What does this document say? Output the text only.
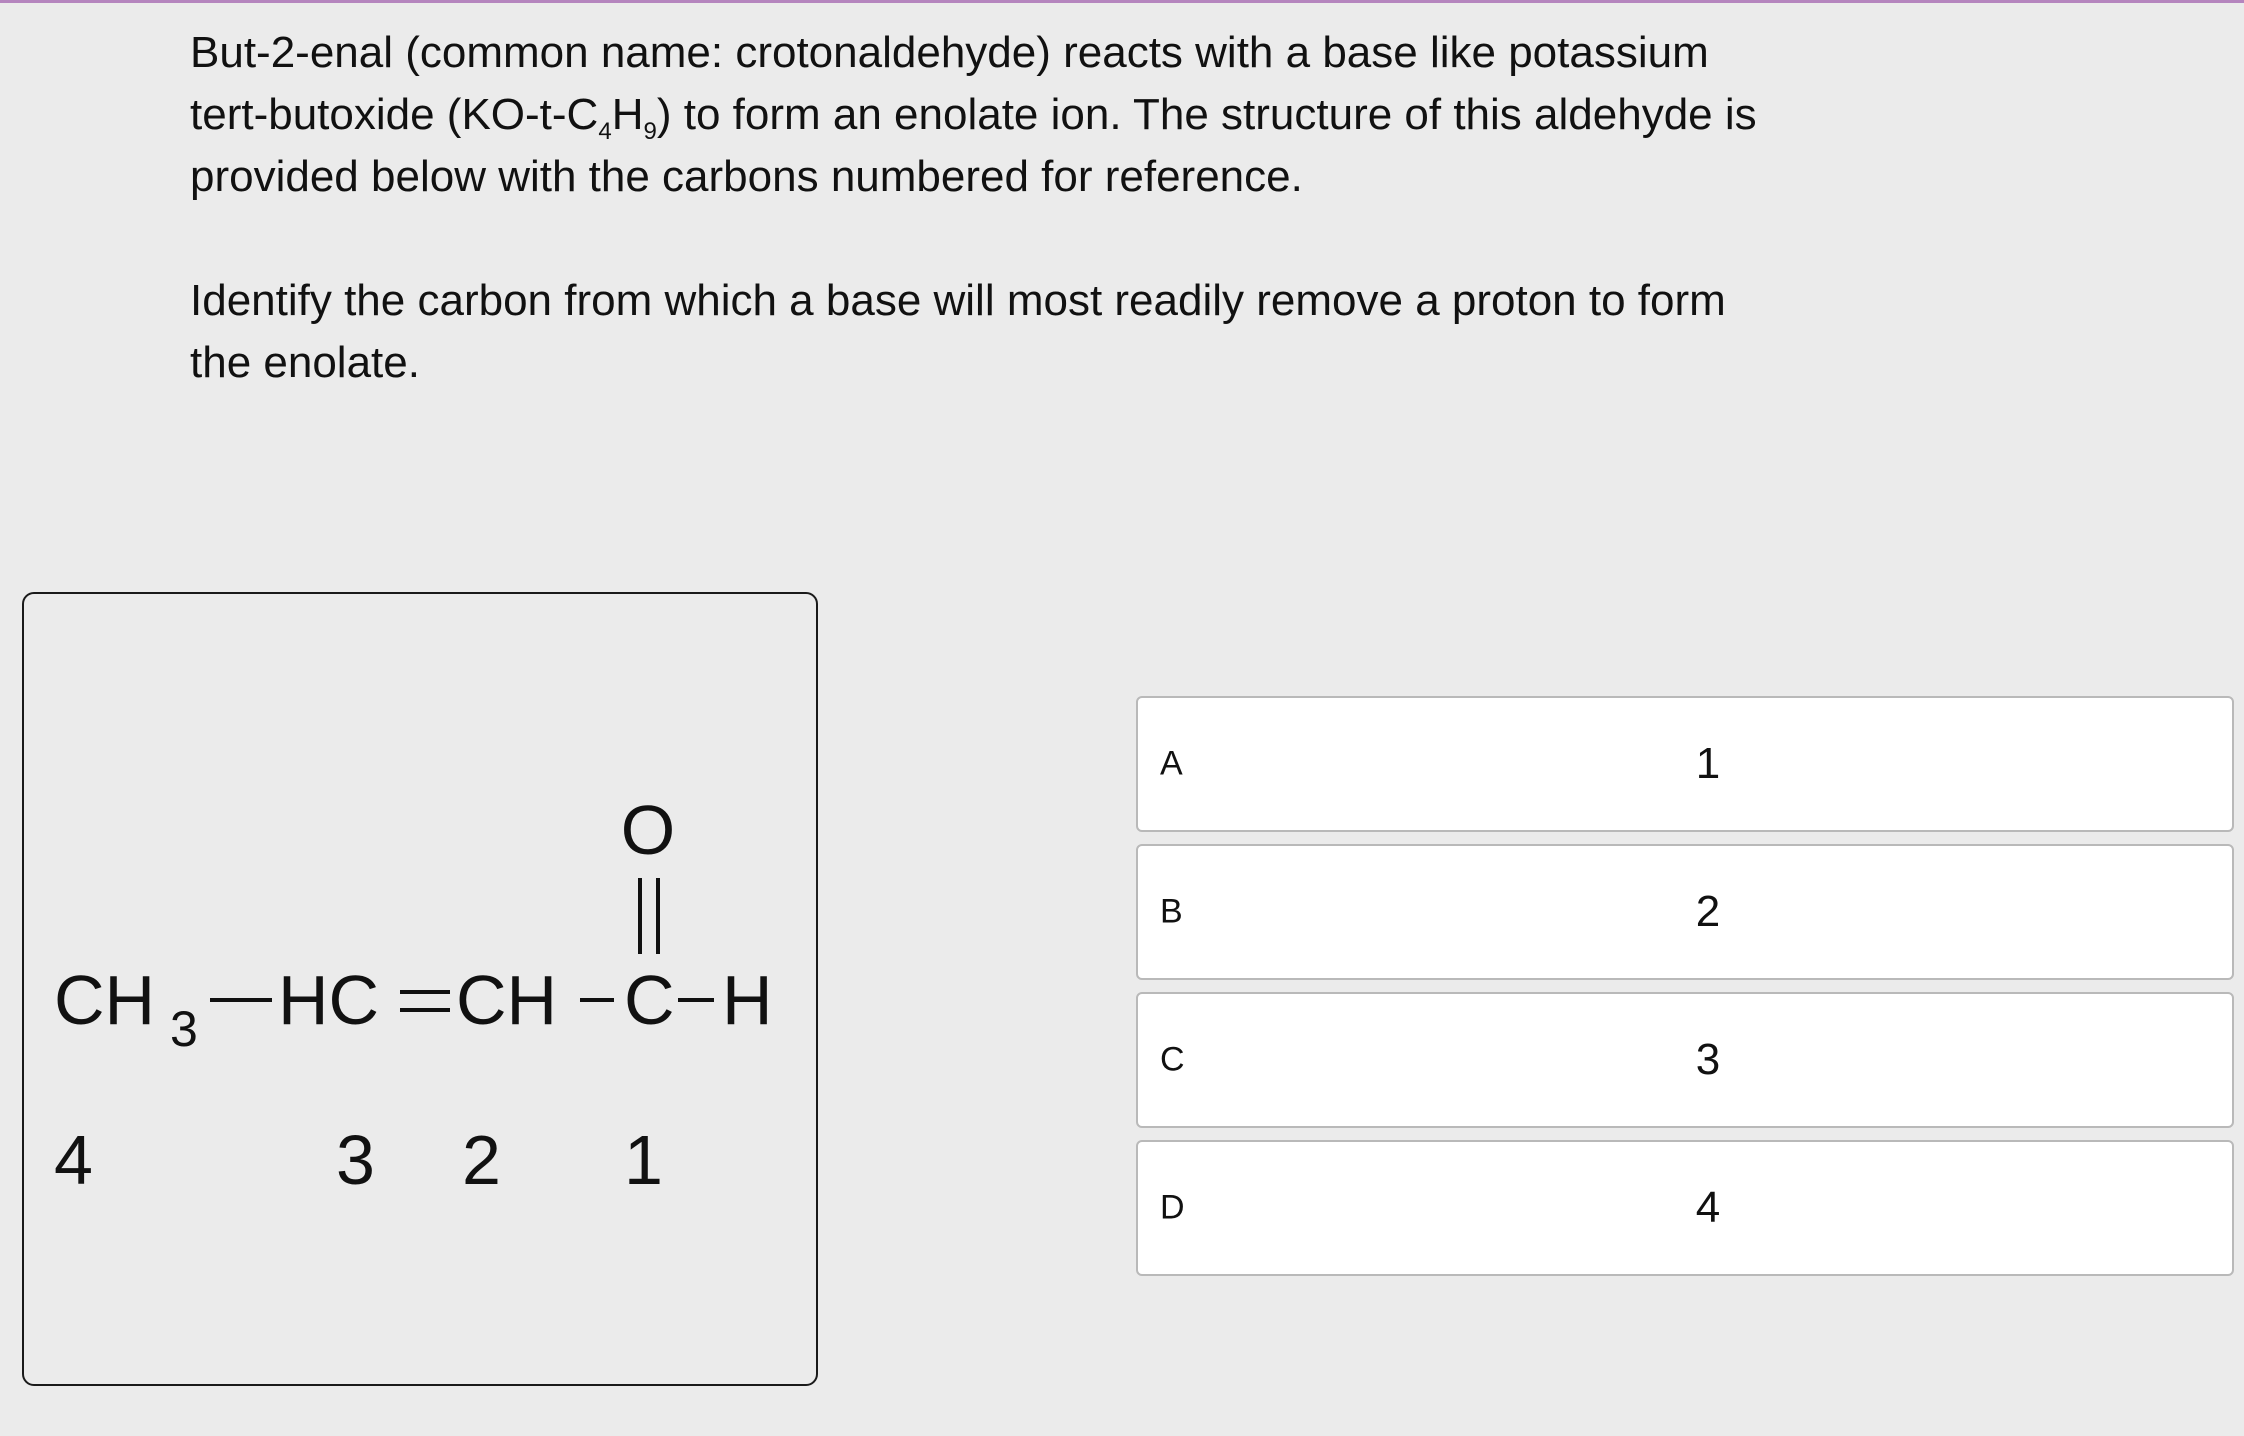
But-2-enal (common name: crotonaldehyde) reacts with a base like potassium
tert-butoxide $(KO-t-C_4H_9)$ to form an enolate ion. The structure of this aldehyde is
provided below with the carbons numbered for reference.

Identify the carbon from which a base will most readily remove a proton to form
the enolate.

O
CH 3 HC CH C H
4	3 2 1
A	1
B	2
C	3
D	4
